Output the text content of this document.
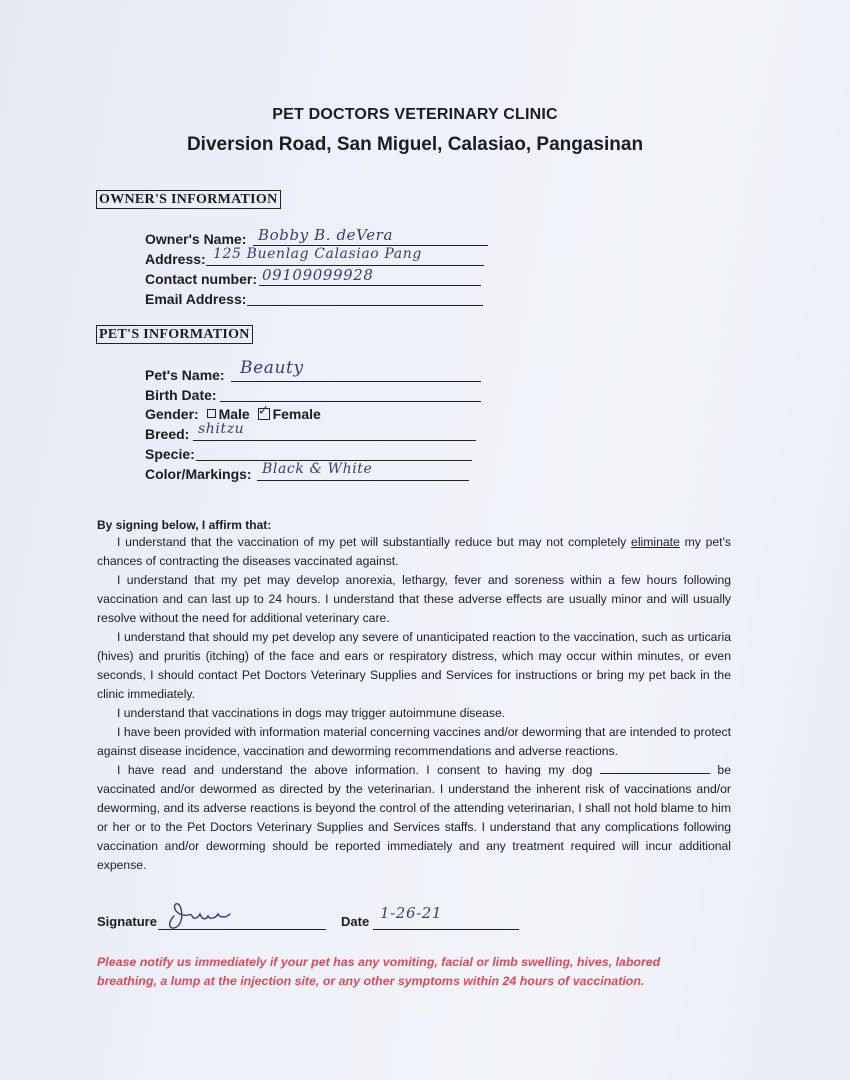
PET DOCTORS VETERINARY CLINIC
Diversion Road, San Miguel, Calasiao, Pangasinan
OWNER'S INFORMATION
Owner's Name: Bobby B. deVera
Address: 125 Buenlag Calasiao Pang
Contact number: 09109099928
Email Address:
PET'S INFORMATION
Pet's Name: Beauty
Birth Date:
Gender: Male ✓ Female
Breed: shitzu
Specie:
Color/Markings: Black & White
By signing below, I affirm that:

I understand that the vaccination of my pet will substantially reduce but may not completely eliminate my pet's chances of contracting the diseases vaccinated against.

I understand that my pet may develop anorexia, lethargy, fever and soreness within a few hours following vaccination and can last up to 24 hours. I understand that these adverse effects are usually minor and will usually resolve without the need for additional veterinary care.

I understand that should my pet develop any severe of unanticipated reaction to the vaccination, such as urticaria (hives) and pruritis (itching) of the face and ears or respiratory distress, which may occur within minutes, or even seconds, I should contact Pet Doctors Veterinary Supplies and Services for instructions or bring my pet back in the clinic immediately.

I understand that vaccinations in dogs may trigger autoimmune disease.

I have been provided with information material concerning vaccines and/or deworming that are intended to protect against disease incidence, vaccination and deworming recommendations and adverse reactions.

I have read and understand the above information. I consent to having my dog	be vaccinated and/or dewormed as directed by the veterinarian. I understand the inherent risk of vaccinations and/or deworming, and its adverse reactions is beyond the control of the attending veterinarian, I shall not hold blame to him or her or to the Pet Doctors Veterinary Supplies and Services staffs. I understand that any complications following vaccination and/or deworming should be reported immediately and any treatment required will incur additional expense.

Signature	Date 1-26-21
Please notify us immediately if your pet has any vomiting, facial or limb swelling, hives, labored breathing, a lump at the injection site, or any other symptoms within 24 hours of vaccination.
